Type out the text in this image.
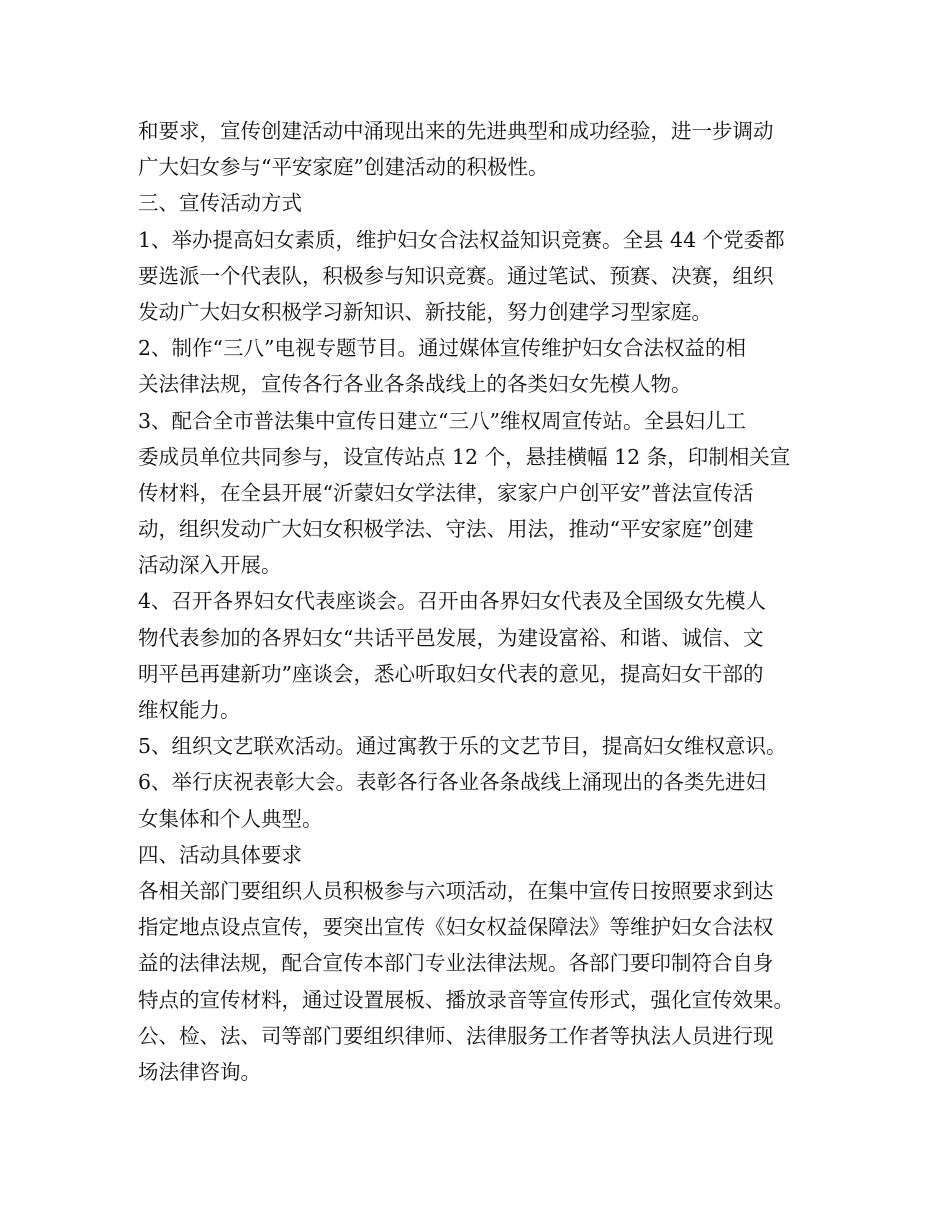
和要求，宣传创建活动中涌现出来的先进典型和成功经验，进一步调动
广大妇女参与“平安家庭”创建活动的积极性。
三、宣传活动方式
1、举办提高妇女素质，维护妇女合法权益知识竞赛。全县 44 个党委都
要选派一个代表队，积极参与知识竞赛。通过笔试、预赛、决赛，组织
发动广大妇女积极学习新知识、新技能，努力创建学习型家庭。
2、制作“三八”电视专题节目。通过媒体宣传维护妇女合法权益的相
关法律法规，宣传各行各业各条战线上的各类妇女先模人物。
3、配合全市普法集中宣传日建立“三八”维权周宣传站。全县妇儿工
委成员单位共同参与，设宣传站点 12 个，悬挂横幅 12 条，印制相关宣
传材料，在全县开展“沂蒙妇女学法律，家家户户创平安”普法宣传活
动，组织发动广大妇女积极学法、守法、用法，推动“平安家庭”创建
活动深入开展。
4、召开各界妇女代表座谈会。召开由各界妇女代表及全国级女先模人
物代表参加的各界妇女“共话平邑发展，为建设富裕、和谐、诚信、文
明平邑再建新功”座谈会，悉心听取妇女代表的意见，提高妇女干部的
维权能力。
5、组织文艺联欢活动。通过寓教于乐的文艺节目，提高妇女维权意识。
6、举行庆祝表彰大会。表彰各行各业各条战线上涌现出的各类先进妇
女集体和个人典型。
四、活动具体要求
各相关部门要组织人员积极参与六项活动，在集中宣传日按照要求到达
指定地点设点宣传，要突出宣传《妇女权益保障法》等维护妇女合法权
益的法律法规，配合宣传本部门专业法律法规。各部门要印制符合自身
特点的宣传材料，通过设置展板、播放录音等宣传形式，强化宣传效果。
公、检、法、司等部门要组织律师、法律服务工作者等执法人员进行现
场法律咨询。
